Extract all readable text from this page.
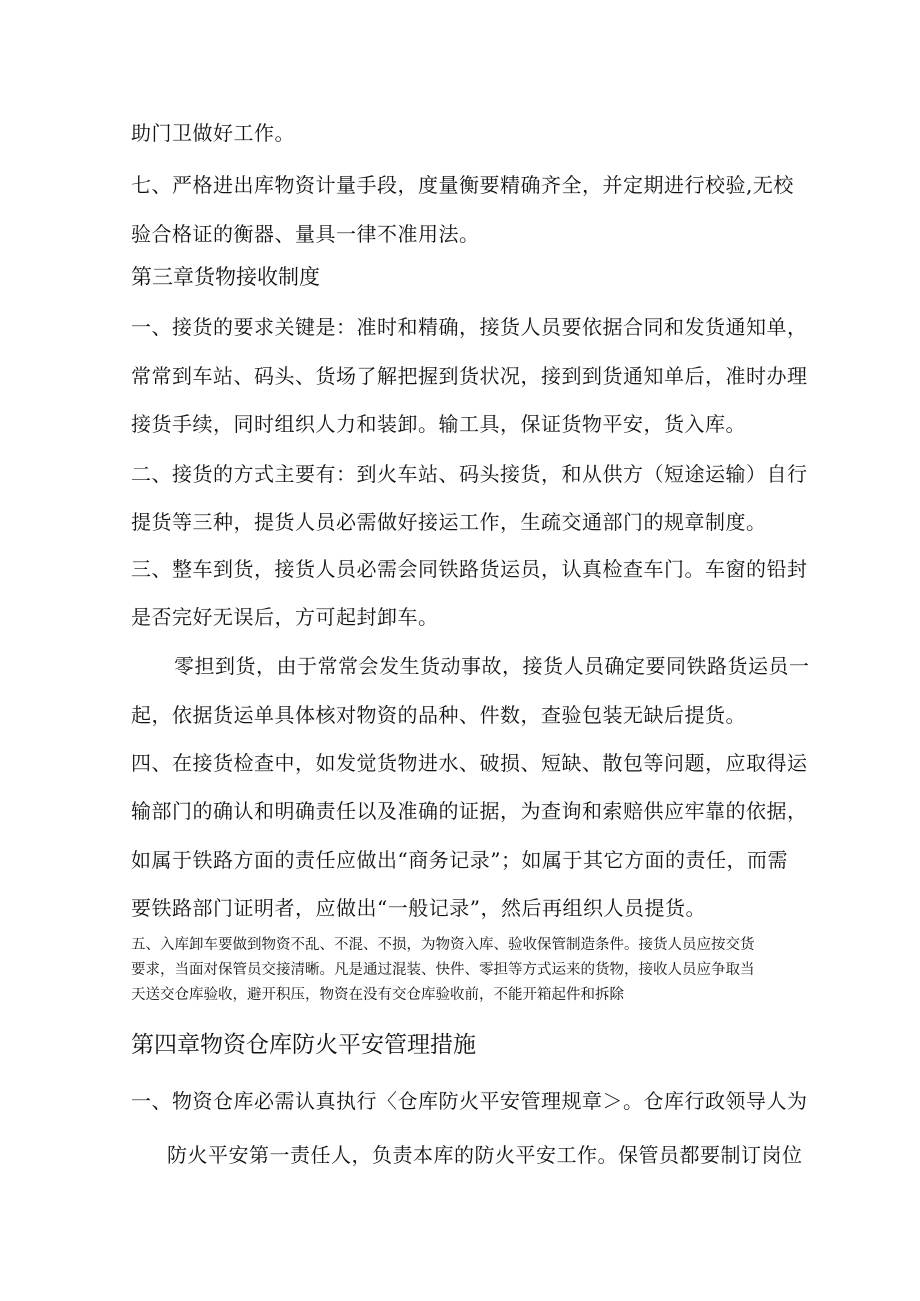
助门卫做好工作。
七、严格进出库物资计量手段，度量衡要精确齐全，并定期进行校验,无校
验合格证的衡器、量具一律不准用法。
第三章货物接收制度
一、接货的要求关键是：准时和精确，接货人员要依据合同和发货通知单，
常常到车站、码头、货场了解把握到货状况，接到到货通知单后，准时办理
接货手续，同时组织人力和装卸。输工具，保证货物平安，货入库。
二、接货的方式主要有：到火车站、码头接货，和从供方（短途运输）自行
提货等三种，提货人员必需做好接运工作，生疏交通部门的规章制度。
三、整车到货，接货人员必需会同铁路货运员，认真检查车门。车窗的铅封
是否完好无误后，方可起封卸车。
零担到货，由于常常会发生货动事故，接货人员确定要同铁路货运员一
起，依据货运单具体核对物资的品种、件数，查验包装无缺后提货。
四、在接货检查中，如发觉货物进水、破损、短缺、散包等问题，应取得运
输部门的确认和明确责任以及准确的证据，为查询和索赔供应牢靠的依据，
如属于铁路方面的责任应做出“商务记录”；如属于其它方面的责任，而需
要铁路部门证明者，应做出“一般记录”，然后再组织人员提货。
五、入库卸车要做到物资不乱、不混、不损，为物资入库、验收保管制造条件。接货人员应按交货
要求，当面对保管员交接清晰。凡是通过混装、快件、零担等方式运来的货物，接收人员应争取当
天送交仓库验收，避开积压，物资在没有交仓库验收前，不能开箱起件和拆除
第四章物资仓库防火平安管理措施
一、物资仓库必需认真执行〈仓库防火平安管理规章＞。仓库行政领导人为
防火平安第一责任人，负责本库的防火平安工作。保管员都要制订岗位
